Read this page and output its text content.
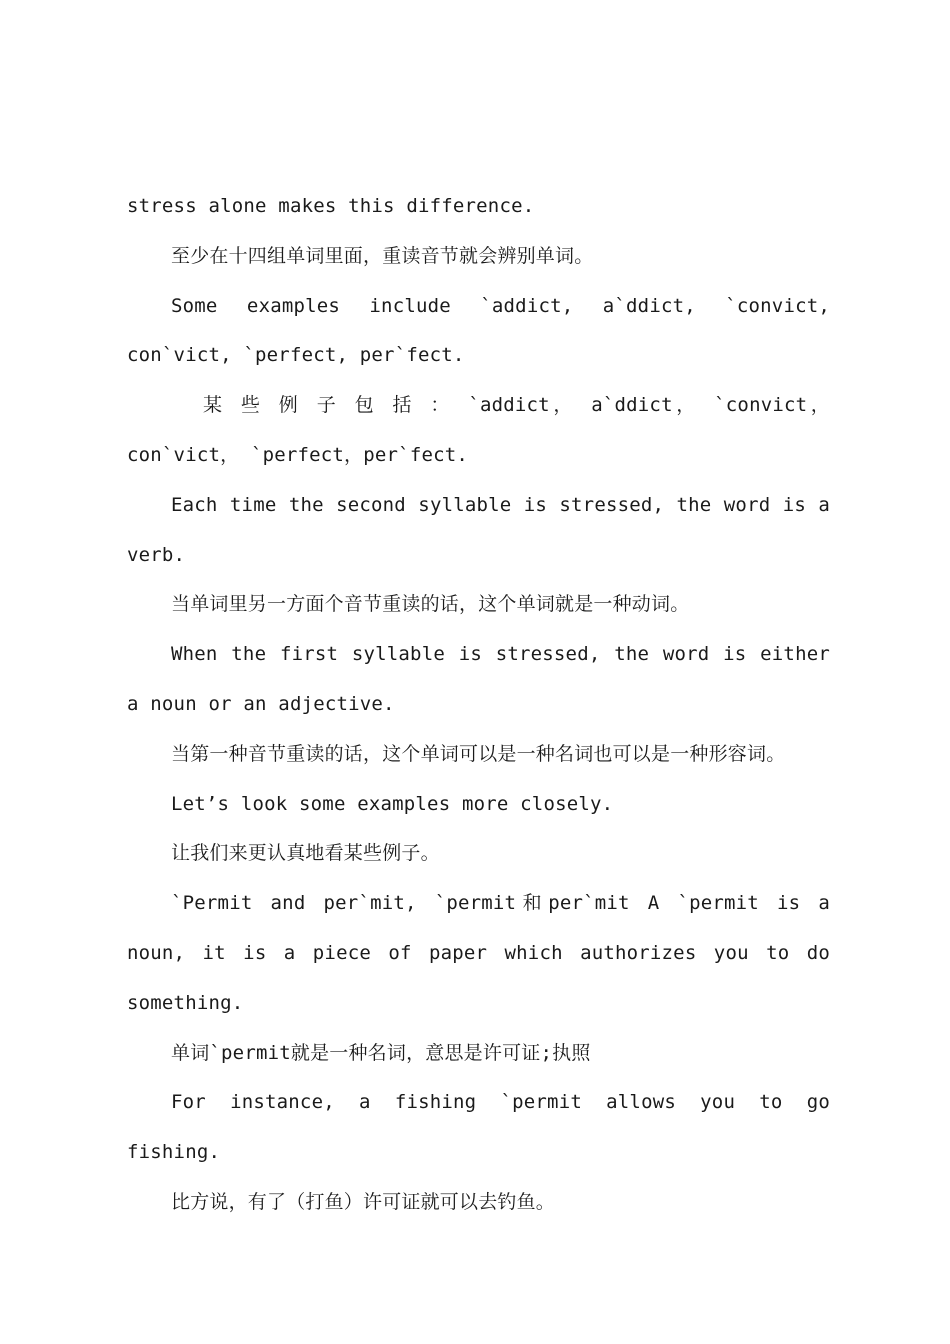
stress alone makes this difference.

至少在十四组单词里面，重读音节就会辨别单词。

Some examples include `addict, a`ddict, `convict, con`vict, `perfect, per`fect.

某 些 例 子 包 括 ： `addict， a`ddict， `convict， con`vict， `perfect，per`fect.

Each time the second syllable is stressed, the word is a verb.

当单词里另一方面个音节重读的话，这个单词就是一种动词。

When the first syllable is stressed, the word is either a noun or an adjective.

当第一种音节重读的话，这个单词可以是一种名词也可以是一种形容词。

Let’s look some examples more closely.

让我们来更认真地看某些例子。

`Permit and per`mit, `permit和per`mit A `permit is a noun, it is a piece of paper which authorizes you to do something.

单词`permit就是一种名词，意思是许可证;执照

For instance, a fishing `permit allows you to go fishing.

比方说，有了（打鱼）许可证就可以去钓鱼。
